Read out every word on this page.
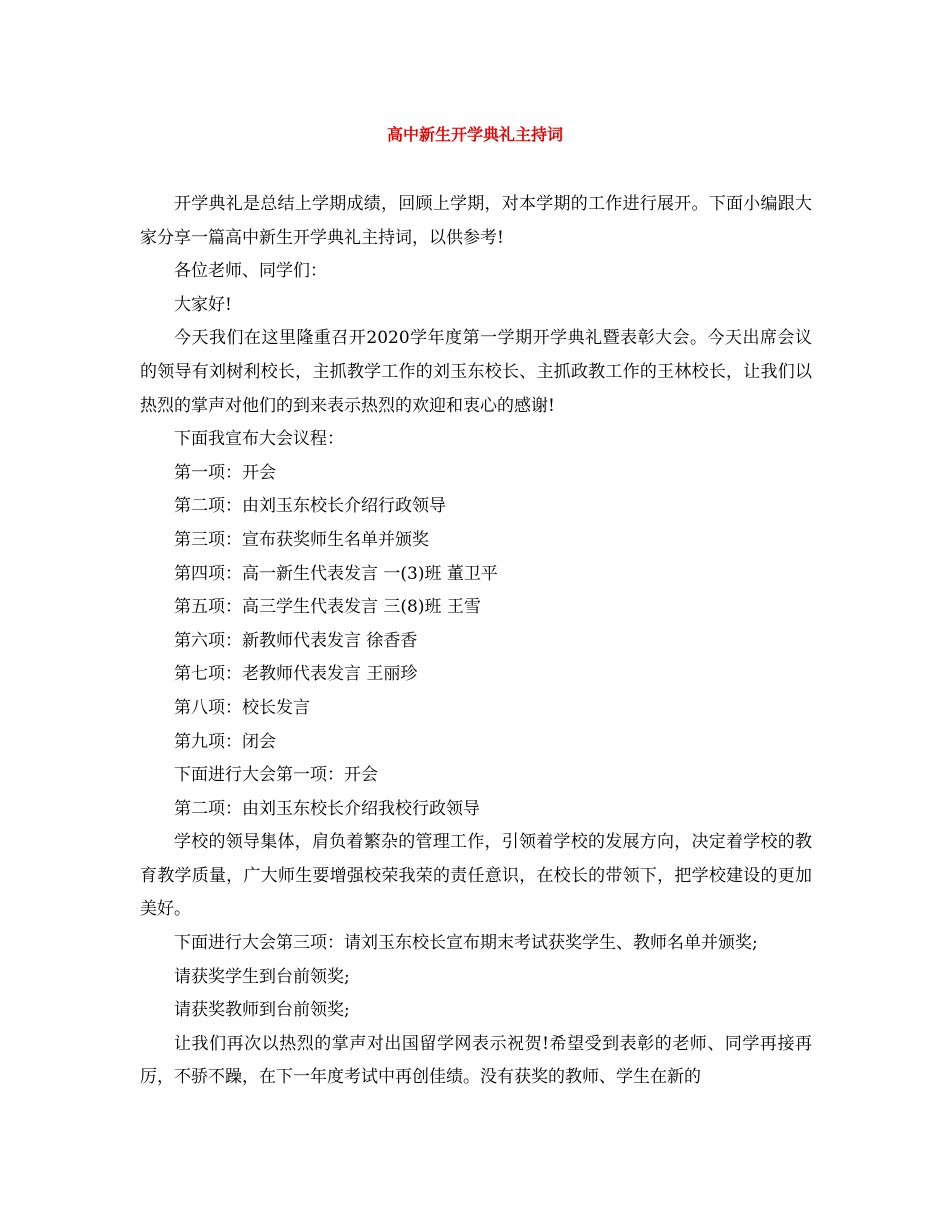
高中新生开学典礼主持词

开学典礼是总结上学期成绩，回顾上学期，对本学期的工作进行展开。下面小编跟大家分享一篇高中新生开学典礼主持词，以供参考!

各位老师、同学们：

大家好!

今天我们在这里隆重召开2020学年度第一学期开学典礼暨表彰大会。今天出席会议的领导有刘树利校长，主抓教学工作的刘玉东校长、主抓政教工作的王林校长，让我们以热烈的掌声对他们的到来表示热烈的欢迎和衷心的感谢!

下面我宣布大会议程：

第一项：开会

第二项：由刘玉东校长介绍行政领导

第三项：宣布获奖师生名单并颁奖

第四项：高一新生代表发言 一(3)班 董卫平

第五项：高三学生代表发言 三(8)班 王雪

第六项：新教师代表发言 徐香香

第七项：老教师代表发言 王丽珍

第八项：校长发言

第九项：闭会

下面进行大会第一项：开会

第二项：由刘玉东校长介绍我校行政领导

学校的领导集体，肩负着繁杂的管理工作，引领着学校的发展方向，决定着学校的教育教学质量，广大师生要增强校荣我荣的责任意识，在校长的带领下，把学校建设的更加美好。

下面进行大会第三项：请刘玉东校长宣布期末考试获奖学生、教师名单并颁奖;

请获奖学生到台前领奖;

请获奖教师到台前领奖;

让我们再次以热烈的掌声对出国留学网表示祝贺!希望受到表彰的老师、同学再接再厉，不骄不躁，在下一年度考试中再创佳绩。没有获奖的教师、学生在新的
